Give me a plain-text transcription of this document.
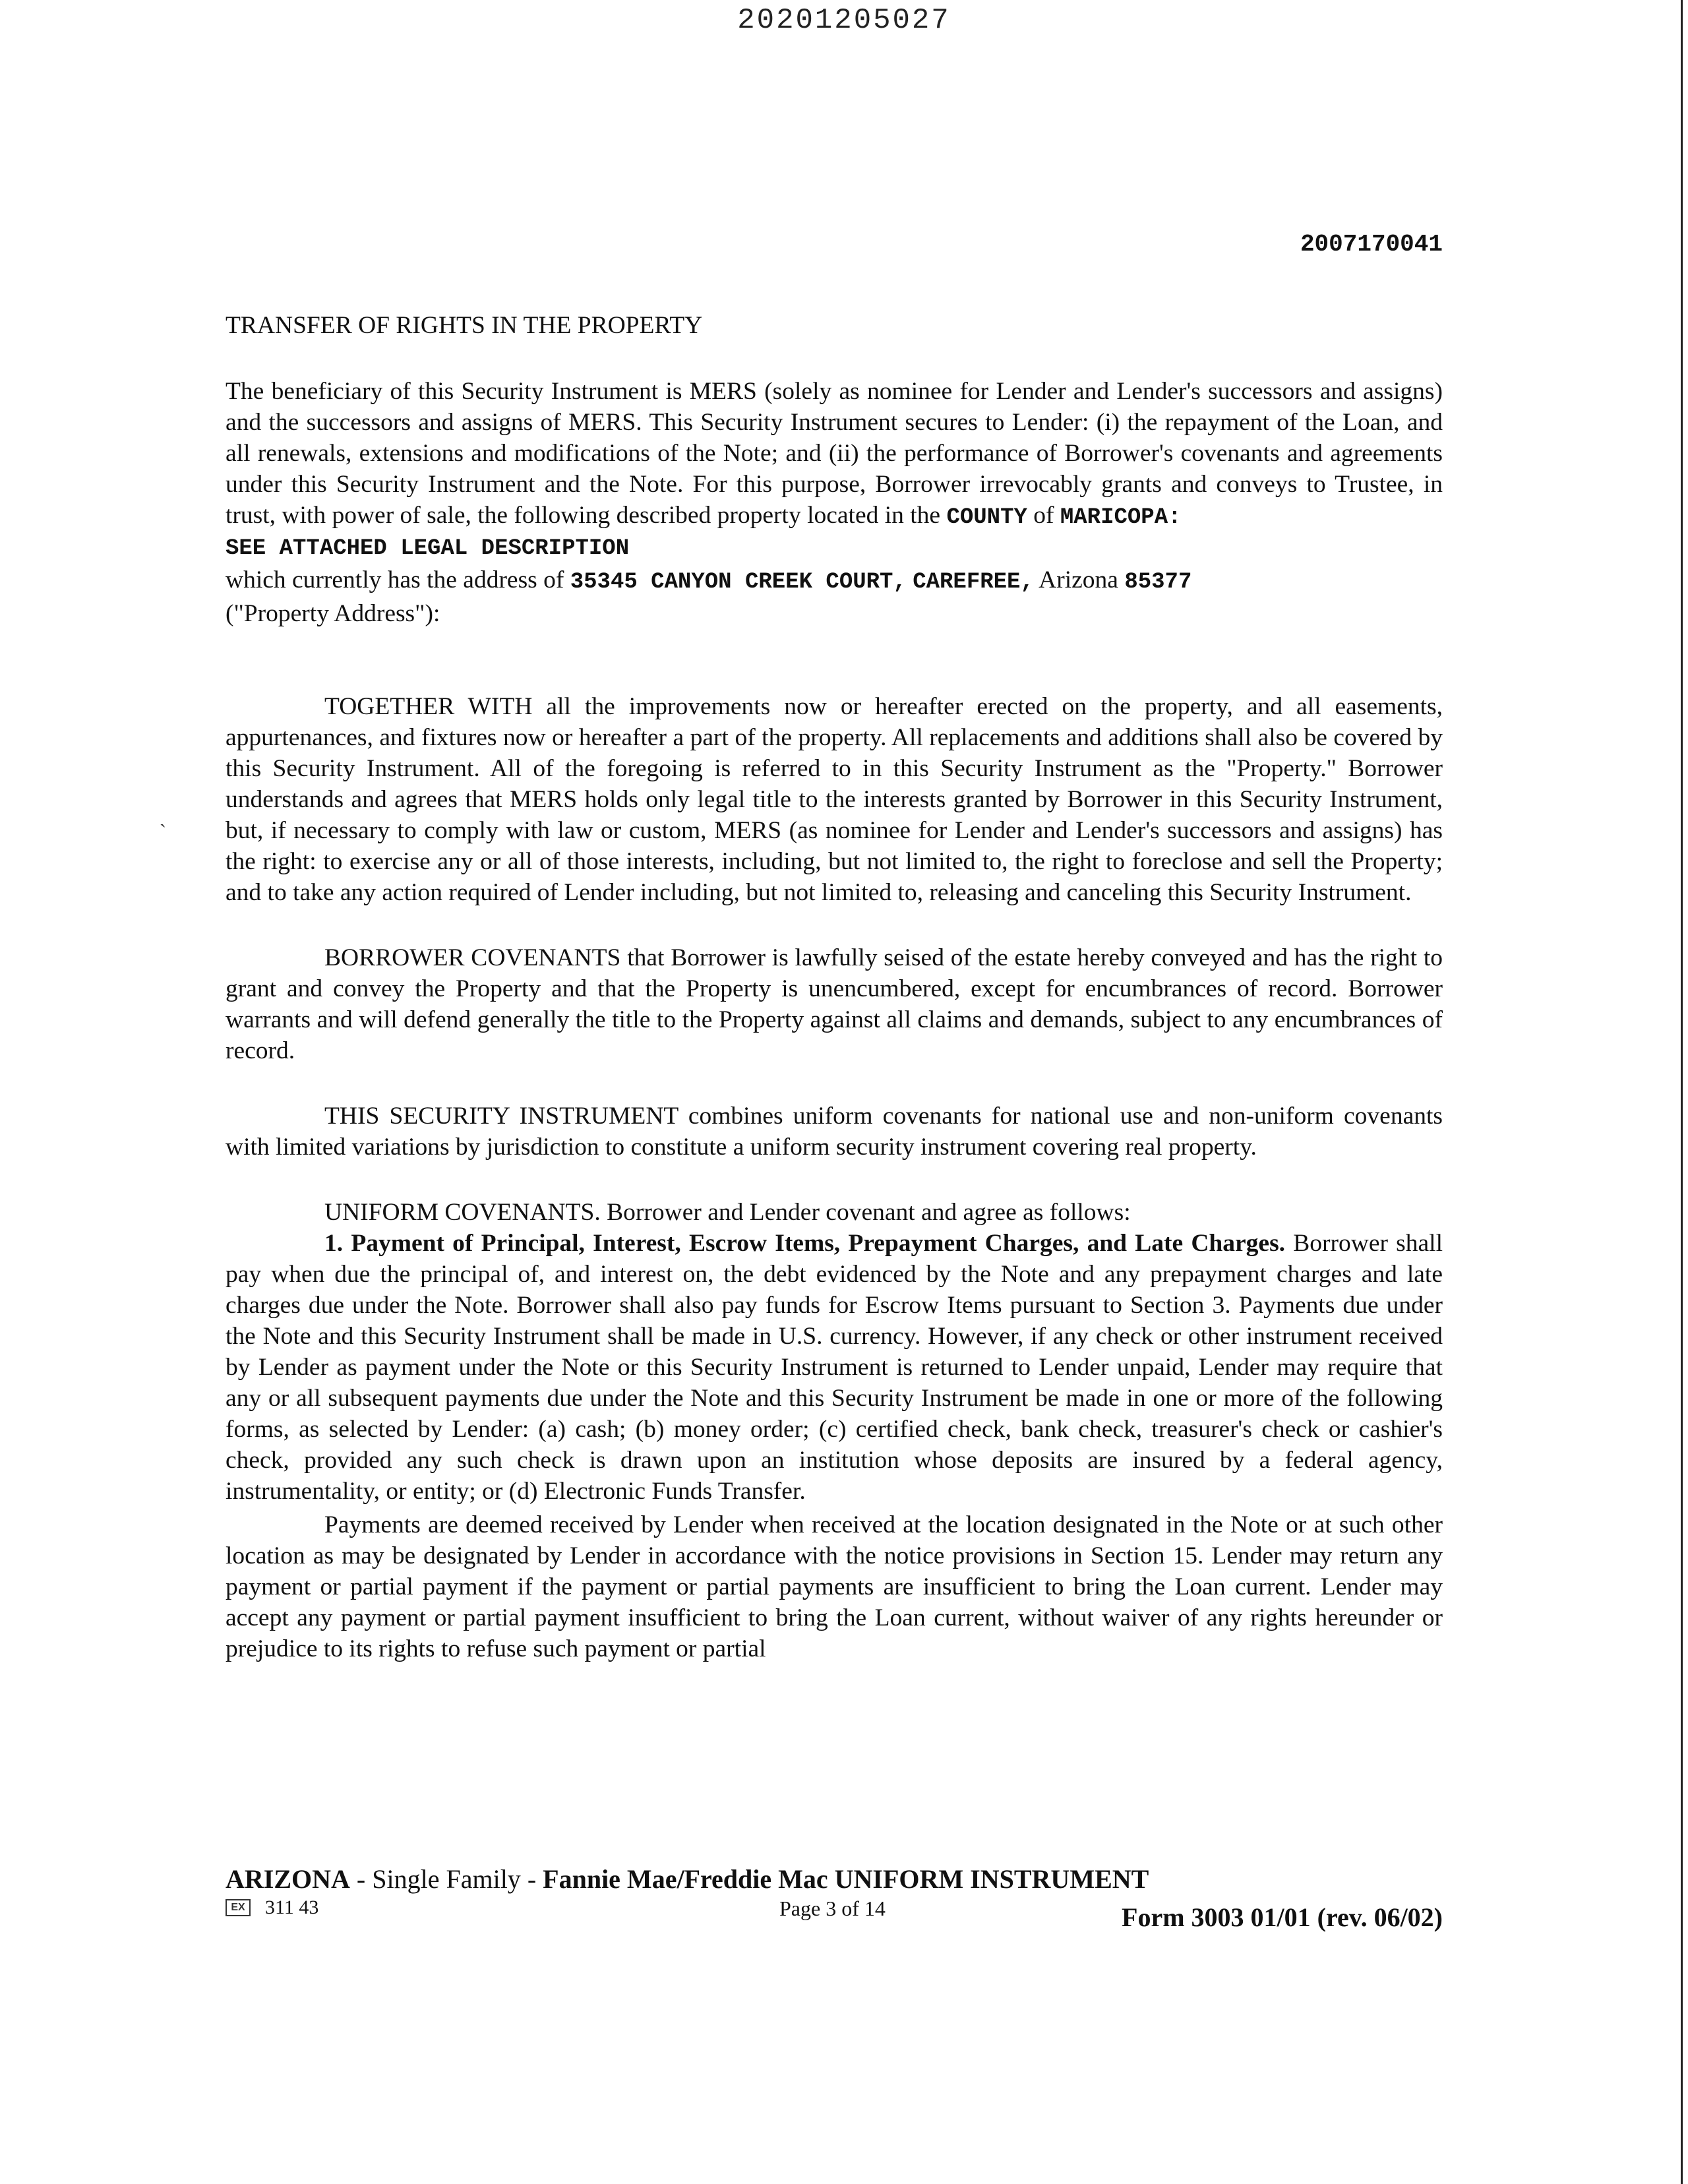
20201205027
2007170041
ˏ
TRANSFER OF RIGHTS IN THE PROPERTY

The beneficiary of this Security Instrument is MERS (solely as nominee for Lender and Lender's successors and assigns) and the successors and assigns of MERS. This Security Instrument secures to Lender: (i) the repayment of the Loan, and all renewals, extensions and modifications of the Note; and (ii) the performance of Borrower's covenants and agreements under this Security Instrument and the Note. For this purpose, Borrower irrevocably grants and conveys to Trustee, in trust, with power of sale, the following described property located in the COUNTY of MARICOPA:

SEE ATTACHED LEGAL DESCRIPTION

which currently has the address of 35345 CANYON CREEK COURT, CAREFREE, Arizona 85377

("Property Address"):

TOGETHER WITH all the improvements now or hereafter erected on the property, and all easements, appurtenances, and fixtures now or hereafter a part of the property. All replacements and additions shall also be covered by this Security Instrument. All of the foregoing is referred to in this Security Instrument as the "Property." Borrower understands and agrees that MERS holds only legal title to the interests granted by Borrower in this Security Instrument, but, if necessary to comply with law or custom, MERS (as nominee for Lender and Lender's successors and assigns) has the right: to exercise any or all of those interests, including, but not limited to, the right to foreclose and sell the Property; and to take any action required of Lender including, but not limited to, releasing and canceling this Security Instrument.

BORROWER COVENANTS that Borrower is lawfully seised of the estate hereby conveyed and has the right to grant and convey the Property and that the Property is unencumbered, except for encumbrances of record. Borrower warrants and will defend generally the title to the Property against all claims and demands, subject to any encumbrances of record.

THIS SECURITY INSTRUMENT combines uniform covenants for national use and non-uniform covenants with limited variations by jurisdiction to constitute a uniform security instrument covering real property.

UNIFORM COVENANTS. Borrower and Lender covenant and agree as follows:

1. Payment of Principal, Interest, Escrow Items, Prepayment Charges, and Late Charges. Borrower shall pay when due the principal of, and interest on, the debt evidenced by the Note and any prepayment charges and late charges due under the Note. Borrower shall also pay funds for Escrow Items pursuant to Section 3. Payments due under the Note and this Security Instrument shall be made in U.S. currency. However, if any check or other instrument received by Lender as payment under the Note or this Security Instrument is returned to Lender unpaid, Lender may require that any or all subsequent payments due under the Note and this Security Instrument be made in one or more of the following forms, as selected by Lender: (a) cash; (b) money order; (c) certified check, bank check, treasurer's check or cashier's check, provided any such check is drawn upon an institution whose deposits are insured by a federal agency, instrumentality, or entity; or (d) Electronic Funds Transfer.

Payments are deemed received by Lender when received at the location designated in the Note or at such other location as may be designated by Lender in accordance with the notice provisions in Section 15. Lender may return any payment or partial payment if the payment or partial payments are insufficient to bring the Loan current. Lender may accept any payment or partial payment insufficient to bring the Loan current, without waiver of any rights hereunder or prejudice to its rights to refuse such payment or partial

ARIZONA - Single Family - Fannie Mae/Freddie Mac UNIFORM INSTRUMENT
EX 311 43	Page 3 of 14	Form 3003 01/01 (rev. 06/02)
